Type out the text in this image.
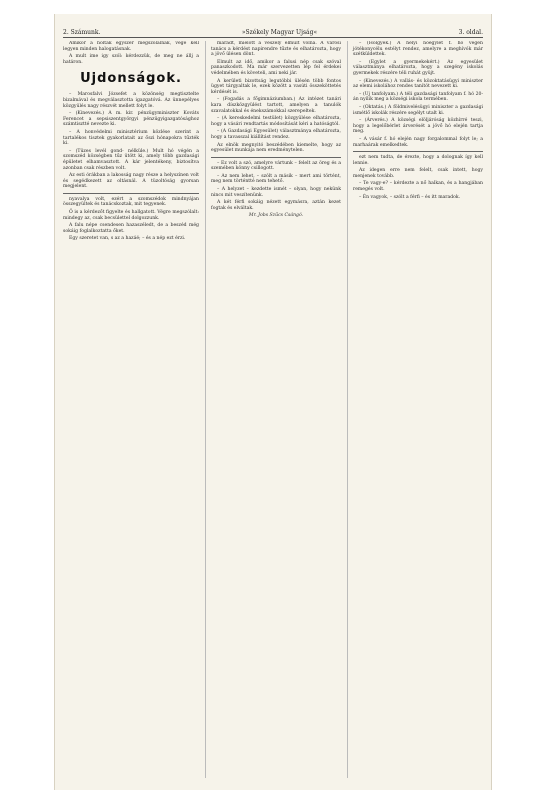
2. Számunk.	»Székely Magyar Ujság«	3. oldal.

Amikor a holtak egyszer megszólalnak, vége kell legyen minden halogatásnak.

A mult ime igy szól: kérdezzük, de meg ne állj a határon.

Ujdonságok.

– Marosfalvi Józsefet a közönség megtisztelte bizalmával és megválasztotta igazgatóvá. Az ünnepélyes közgyülés nagy részvét mellett folyt le.

– (Kinevezés.) A m. kir. pénzügyminiszter Kováts Ferencet a sepsiszentgyörgyi pénzügyigazgatósághoz számtisztté nevezte ki.

– A honvédelmi minisztérium közlése szerint a tartalékos tisztek gyakorlatait az őszi hónapokra tűzték ki.

– (Tüzes levél gond- nélküle.) Mult hó végén a szomszéd községben tűz ütött ki, amely több gazdasági épületet elhamvasztott. A kár jelentékeny, biztosítva azonban csak részben volt.

Az esti órákban a lakosság nagy része a helyszínen volt és segédkezett az oltásnál. A tüzoltóság gyorsan megjelent.

nyavalya volt, ezért a szomszédok mindnyájan összegyültek és tanácskoztak, mit tegyenek.

Ő is a kérdezőt figyelte és hallgatott. Végre megszólalt: mindegy az, csak becsülettel dolgozzunk.

A falu népe csendesen hazaszéledt, de a beszéd még sokáig foglalkoztatta őket.

Egy szeretet van, s az a hazáé; – és a nép ezt érzi.

maradt, mielőtt a veszély elmult volna. A városi tanács a kérdést napirendre tűzte és elhatározta, hogy a jövő ülésen dönt.

Elmult az idő, amikor a falusi nép csak szóval panaszkodott. Ma már szervezetten lép fel érdekei védelmében és követeli, ami neki jár.

A kerületi bizottság legutóbbi ülésén több fontos ügyet tárgyaltak le, ezek között a vasúti összeköttetés kérdését is.

– (Fogadás a főgimnáziumban.) Az intézet tanári kara díszközgyülést tartott, amelyen a tanulók szavalatokkal és énekszámokkal szerepeltek.

– (A kereskedelmi testület) közgyülése elhatározta, hogy a vásári rendtartás módosítását kéri a hatóságtól.

– (A Gazdasági Egyesület) választmánya elhatározta, hogy a tavasszal kiállítást rendez.

Az elnök megnyitó beszédében kiemelte, hogy az egyesület munkája nem eredménytelen.

– Ez volt a szó, amelyre vártunk – felelt az öreg és a szemében könny csillogott.

– Az nem lehet, – szólt a másik – mert ami történt, meg nem történtté nem tehető.

– A helyzet – kezdette ismét – olyan, hogy nekünk nincs mit veszítenünk.

A két férfi sokáig nézett egymásra, aztán kezet fogtak és elváltak.

Mr. Jobs Szűcs Csángó.

– (Hölgyek.) A helyi nőegylet f. hó végén jótékonycélu estélyt rendez, amelyre a meghívók már szétküldettek.

– (Egylet a gyermekekért.) Az egyesület választmánya elhatározta, hogy a szegény iskolás gyermekek részére téli ruhát gyüjt.

– (Kinevezés.) A vallás- és közoktatásügyi miniszter az elemi iskolához rendes tanítót nevezett ki.

– (Uj tanfolyam.) A téli gazdasági tanfolyam f. hó 20-án nyílik meg a községi iskola termében.

– (Oktatás.) A földmivelésügyi miniszter a gazdasági ismétlő iskolák részére segélyt utalt ki.

– (Árverés.) A községi elöljáróság közhírré teszi, hogy a legelőbérlet árverését a jövő hó elején tartja meg.

– A vásár f. hó elején nagy forgalommal folyt le; a marhaárak emelkedtek.

ezt nem tudta, de érezte, hogy a dolognak így kell lennie.

Az idegen erre nem felelt, csak intett, hogy menjenek tovább.

– Te vagy-e? – kérdezte a nő halkan, és a hangjában remegés volt.

– Én vagyok, – szólt a férfi – és itt maradok.
